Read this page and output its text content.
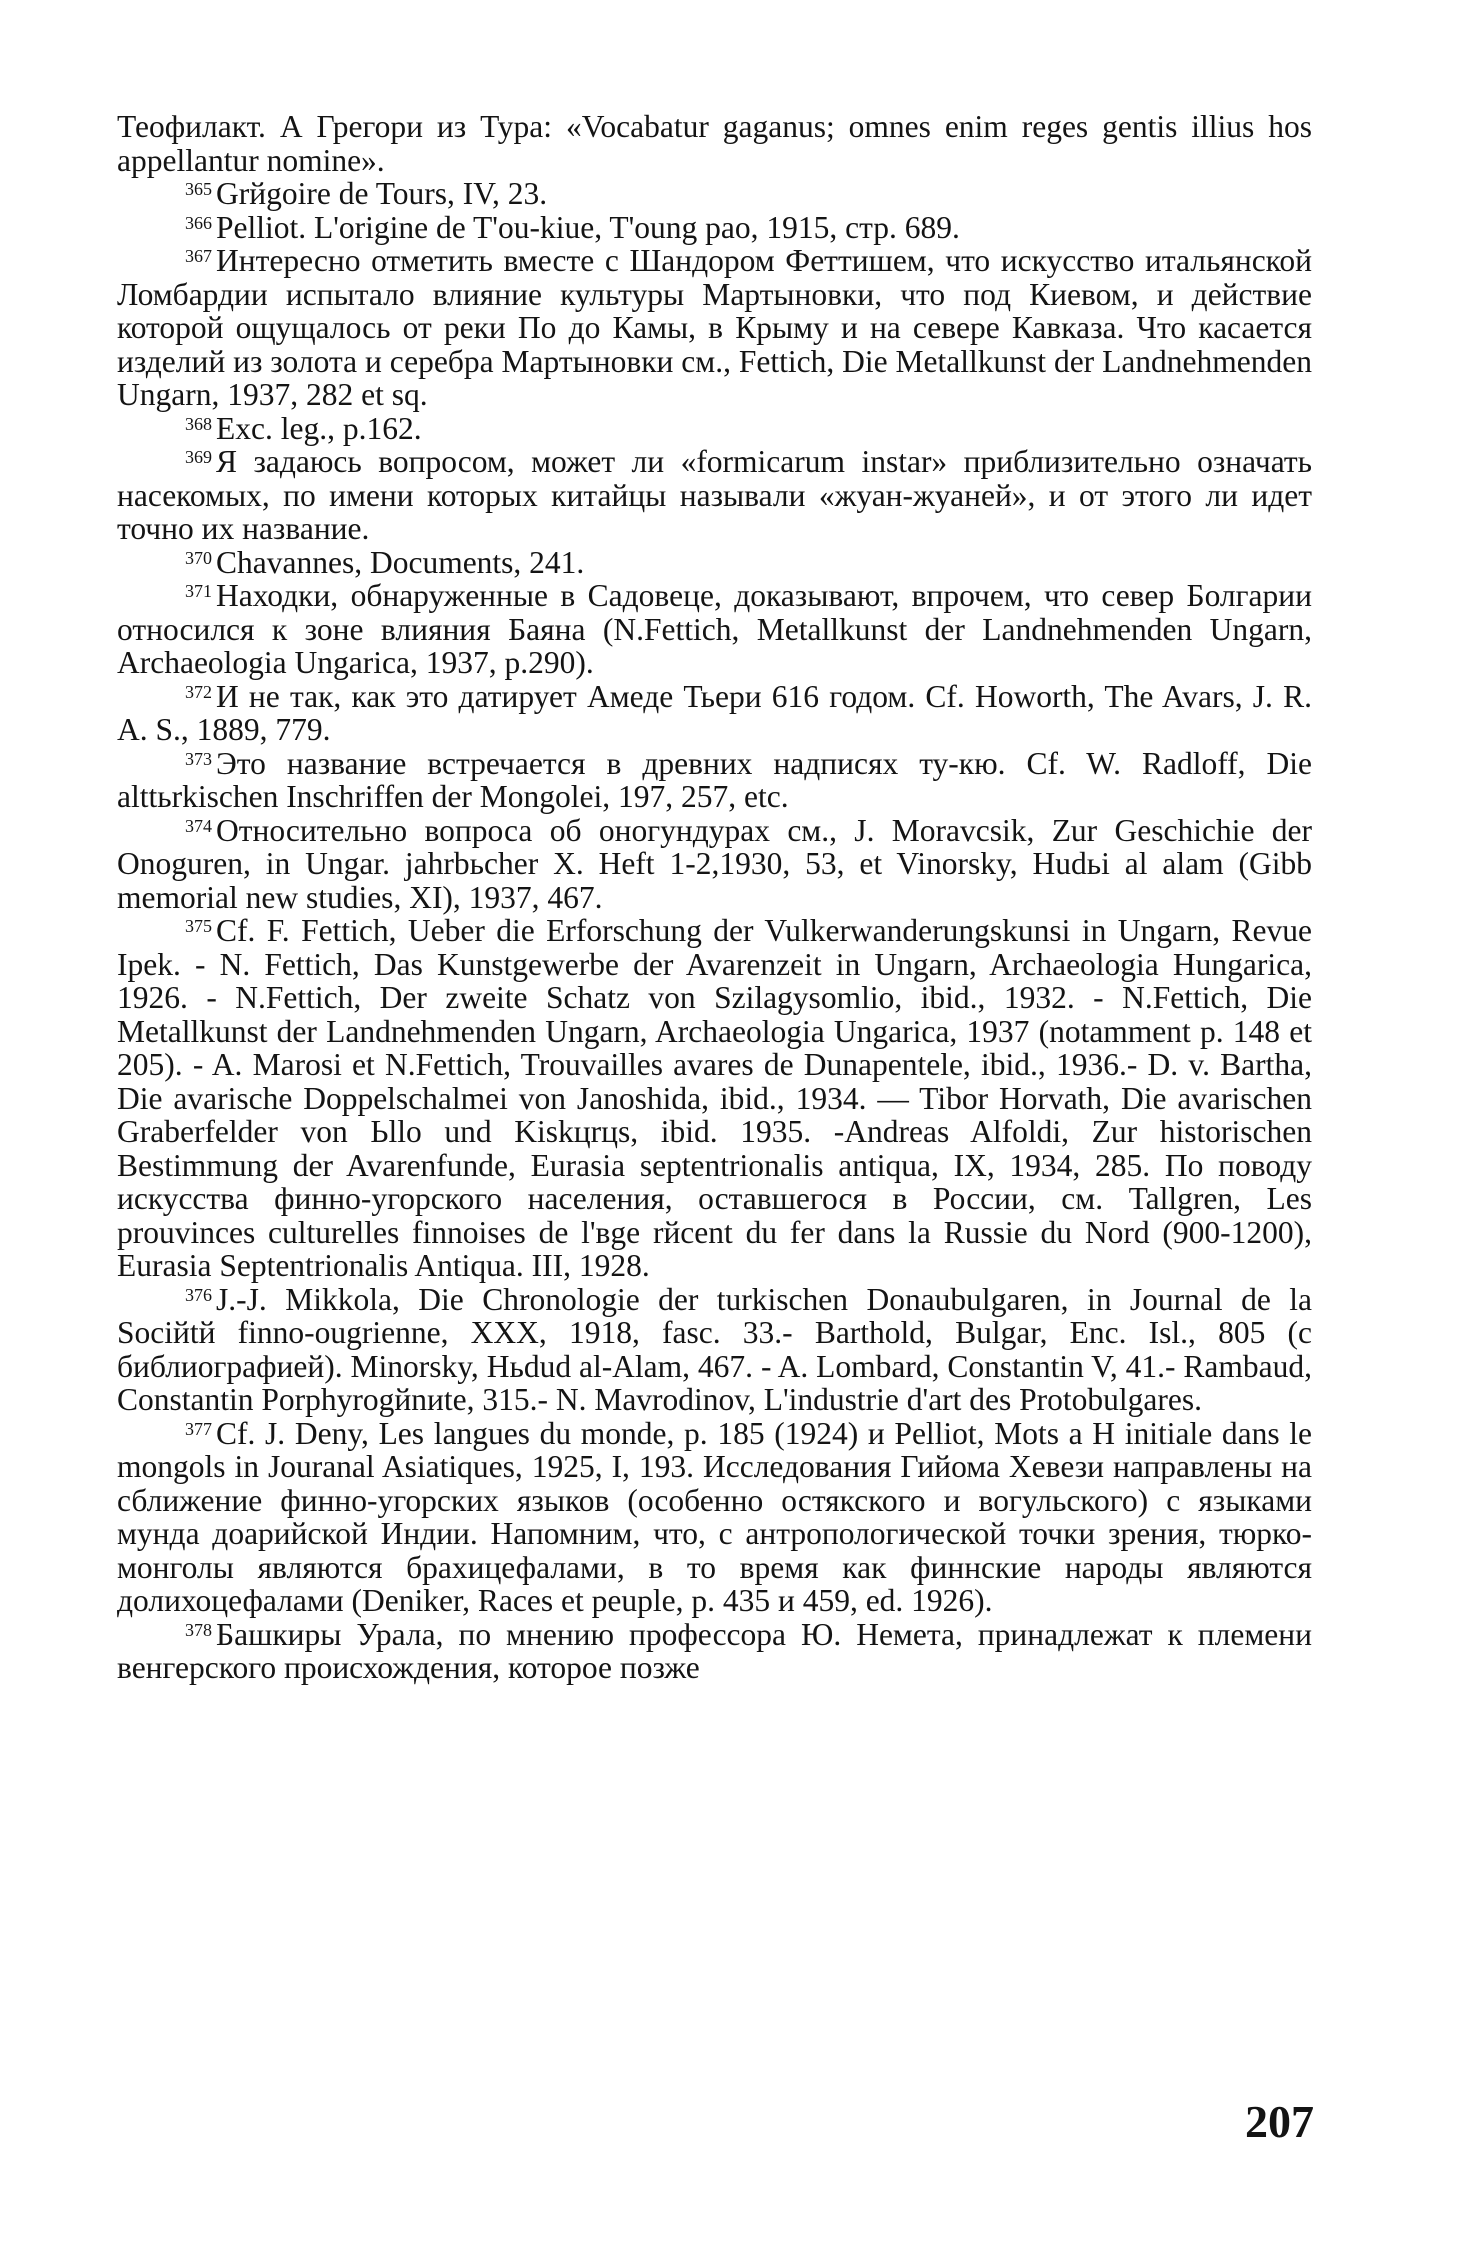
Теофилакт. А Грегори из Тура: «Vocabatur gaganus; omnes enim reges gentis illius hos appellantur nomine».

$^{365}$ Grйgoire de Tours, IV, 23.

$^{366}$ Pelliot. L'origine de T'ou-kiue, T'oung pao, 1915, стр. 689.

$^{367}$ Интересно отметить вместе с Шандором Феттишем, что искусство итальянской Ломбардии испытало влияние культуры Мартыновки, что под Киевом, и действие которой ощущалось от реки По до Камы, в Крыму и на севере Кавказа. Что касается изделий из золота и серебра Мартыновки см., Fettich, Die Metallkunst der Landnehmenden Ungarn, 1937, 282 et sq.

$^{368}$ Exc. leg., p.162.

$^{369}$ Я задаюсь вопросом, может ли «formicarum instar» приблизительно означать насекомых, по имени которых китайцы называли «жуан-жуаней», и от этого ли идет точно их название.

$^{370}$ Chavannes, Documents, 241.

$^{371}$ Находки, обнаруженные в Садовеце, доказывают, впрочем, что север Болгарии относился к зоне влияния Баяна (N.Fettich, Metallkunst der Landnehmenden Ungarn, Archaeologia Ungarica, 1937, p.290).

$^{372}$ И не так, как это датирует Амеде Тьери 616 годом. Cf. Howorth, The Avars, J. R. A. S., 1889, 779.

$^{373}$ Это название встречается в древних надписях ту-кю. Cf. W. Radloff, Die alttьrkischen Inschriffen der Mongolei, 197, 257, etc.

$^{374}$ Относительно вопроса об оногундурах см., J. Moravcsik, Zur Geschichie der Onoguren, in Ungar. jahrbьcher X. Heft 1-2,1930, 53, et Vinorsky, Hudьi al alam (Gibb memorial new studies, XI), 1937, 467.

$^{375}$ Cf. F. Fettich, Ueber die Erforschung der Vulkerwanderungskunsi in Ungarn, Revue Ipek. - N. Fettich, Das Kunstgewerbe der Avarenzeit in Ungarn, Archaeologia Hungarica, 1926. - N.Fettich, Der zweite Schatz von Szilagysomlio, ibid., 1932. - N.Fettich, Die Metallkunst der Landnehmenden Ungarn, Archaeologia Ungarica, 1937 (notamment p. 148 et 205). - A. Marosi et N.Fettich, Trouvailles avares de Dunapentele, ibid., 1936.- D. v. Bartha, Die avarische Doppelschalmei von Janoshida, ibid., 1934. — Tibor Horvath, Die avarischen Graberfelder von Ьllo und Kiskцrцs, ibid. 1935. -Andreas Alfoldi, Zur historischen Bestimmung der Avarenfunde, Eurasia septentrionalis antiqua, IX, 1934, 285. По поводу искусства финно-угорского населения, оставшегося в России, см. Tallgren, Les prouvinces culturelles finnoises de l'вge rйcent du fer dans la Russie du Nord (900-1200), Eurasia Septentrionalis Antiqua. III, 1928.

$^{376}$ J.-J. Mikkola, Die Chronologie der turkischen Donaubulgaren, in Journal de la Sociйtй finno-ougrienne, XXX, 1918, fasc. 33.- Barthold, Bulgar, Enc. Isl., 805 (с библиографией). Minorsky, Hьdud al-Alam, 467. - A. Lombard, Constantin V, 41.- Rambaud, Constantin Porphyrogйnиte, 315.- N. Mavrodinov, L'industrie d'art des Protobulgares.

$^{377}$ Cf. J. Deny, Les langues du monde, p. 185 (1924) и Pelliot, Mots a H initiale dans le mongols in Jouranal Asiatiques, 1925, I, 193. Исследования Гийома Хевези направлены на сближение финно-угорских языков (особенно остякского и вогульского) с языками мунда доарийской Индии. Напомним, что, с антропологической точки зрения, тюрко-монголы являются брахицефалами, в то время как финнские народы являются долихоцефалами (Deniker, Races et peuple, p. 435 и 459, ed. 1926).

$^{378}$ Башкиры Урала, по мнению профессора Ю. Немета, принадлежат к племени венгерского происхождения, которое позже

207
